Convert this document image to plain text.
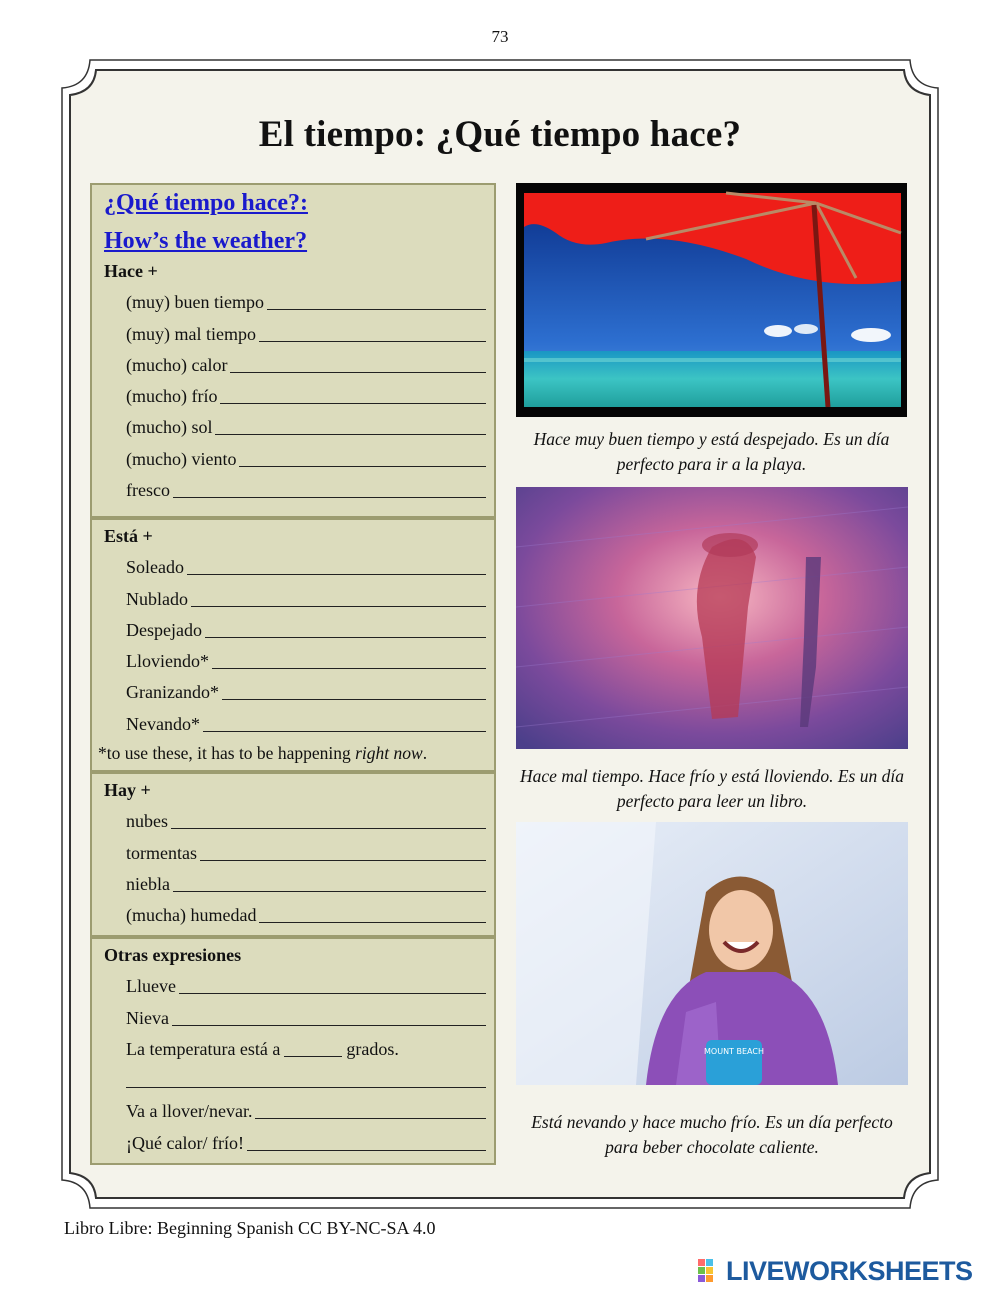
73
El tiempo: ¿Qué tiempo hace?
¿Qué tiempo hace?:
How’s the weather?
Hace +
(muy) buen tiempo
(muy) mal tiempo
(mucho) calor
(mucho) frío
(mucho) sol
(mucho) viento
fresco
Está +
Soleado
Nublado
Despejado
Lloviendo*
Granizando*
Nevando*
*to use these, it has to be happening right now.
Hay +
nubes
tormentas
niebla
(mucha) humedad
Otras expresiones
Llueve
Nieva
La temperatura está a	grados.
Va a llover/nevar.
¡Qué calor/ frío!
Hace muy buen tiempo y está despejado. Es un día perfecto para ir a la playa.
Hace mal tiempo. Hace frío y está lloviendo. Es un día perfecto para leer un libro.
MOUNT BEACH
Está nevando y hace mucho frío. Es un día perfecto para beber chocolate caliente.
Libro Libre: Beginning Spanish CC BY-NC-SA 4.0
LIVEWORKSHEETS
